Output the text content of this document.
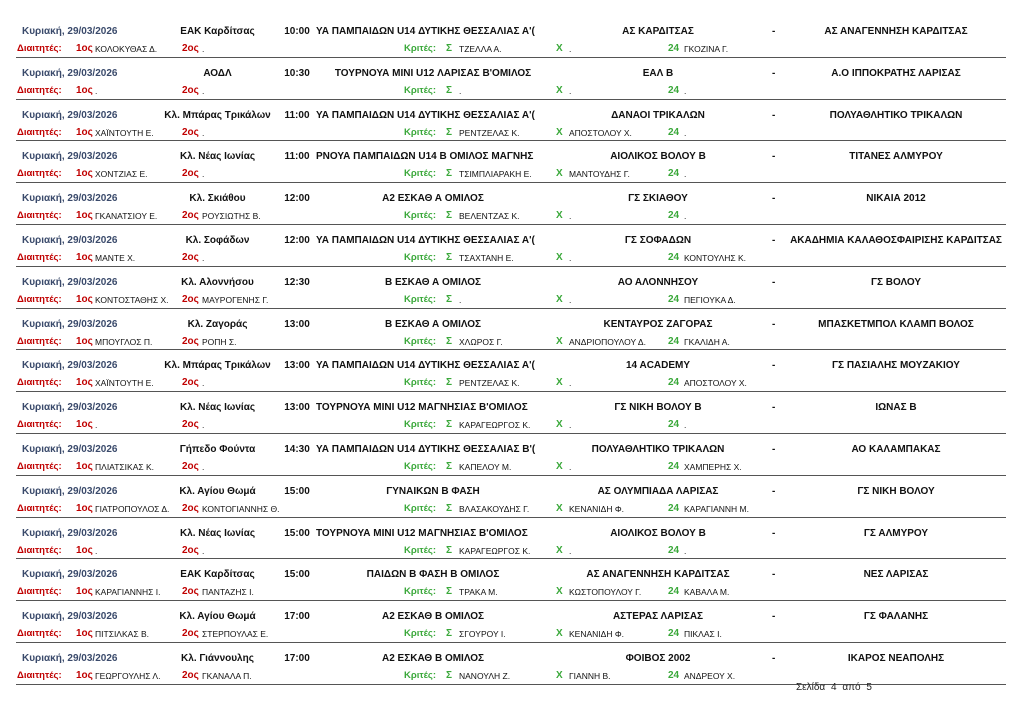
Κυριακή, 29/03/2026	ΕΑΚ Καρδίτσας	10:00 ΥΑ ΠΑΜΠΑΙΔΩΝ U14 ΔΥΤΙΚΗΣ ΘΕΣΣΑΛΙΑΣ Α'(	ΑΣ ΚΑΡΔΙΤΣΑΣ	-	ΑΣ ΑΝΑΓΕΝΝΗΣΗ ΚΑΡΔΙΤΣΑΣ
Διαιτητές:	1ος ΚΟΛΟΚΥΘΑΣ Δ.	2ος .	Κριτές: Σ ΤΖΕΛΛΑ Α.	Χ .	24 ΓΚΟΖΙΝΑ Γ.
Κυριακή, 29/03/2026	ΑΟΔΛ	10:30	ΤΟΥΡΝΟΥΑ MINI U12 ΛΑΡΙΣΑΣ Β'ΟΜΙΛΟΣ	ΕΑΛ Β	-	Α.Ο ΙΠΠΟΚΡΑΤΗΣ ΛΑΡΙΣΑΣ
Διαιτητές:	1ος .	2ος .	Κριτές: Σ .	Χ .	24 .
Κυριακή, 29/03/2026	Κλ. Μπάρας Τρικάλων	11:00 ΥΑ ΠΑΜΠΑΙΔΩΝ U14 ΔΥΤΙΚΗΣ ΘΕΣΣΑΛΙΑΣ Α'(	ΔΑΝΑΟΙ ΤΡΙΚΑΛΩΝ	-	ΠΟΛΥΑΘΛΗΤΙΚΟ ΤΡΙΚΑΛΩΝ
Διαιτητές:	1ος ΧΑΪΝΤΟΥΤΗ Ε.	2ος .	Κριτές: Σ ΡΕΝΤΖΕΛΑΣ Κ.	Χ ΑΠΟΣΤΟΛΟΥ Χ.	24 .
Κυριακή, 29/03/2026	Κλ. Νέας Ιωνίας	11:00 ΡΝΟΥΑ ΠΑΜΠΑΙΔΩΝ U14 Β ΟΜΙΛΟΣ ΜΑΓΝΗΣ	ΑΙΟΛΙΚΟΣ ΒΟΛΟΥ Β	-	ΤΙΤΑΝΕΣ ΑΛΜΥΡΟΥ
Διαιτητές:	1ος ΧΟΝΤΖΙΑΣ Ε.	2ος .	Κριτές: Σ ΤΣΙΜΠΛΙΑΡΑΚΗ Ε.	Χ ΜΑΝΤΟΥΔΗΣ Γ.	24 .
Κυριακή, 29/03/2026	Κλ. Σκιάθου	12:00	Α2 ΕΣΚΑΘ Α ΟΜΙΛΟΣ	ΓΣ ΣΚΙΑΘΟΥ	-	ΝΙΚΑΙΑ 2012
Διαιτητές:	1ος ΓΚΑΝΑΤΣΙΟΥ Ε.	2ος ΡΟΥΣΙΩΤΗΣ Β.	Κριτές: Σ ΒΕΛΕΝΤΖΑΣ Κ.	Χ .	24 .
Κυριακή, 29/03/2026	Κλ. Σοφάδων	12:00 ΥΑ ΠΑΜΠΑΙΔΩΝ U14 ΔΥΤΙΚΗΣ ΘΕΣΣΑΛΙΑΣ Α'(	ΓΣ ΣΟΦΑΔΩΝ	-	ΑΚΑΔΗΜΙΑ ΚΑΛΑΘΟΣΦΑΙΡΙΣΗΣ ΚΑΡΔΙΤΣΑΣ
Διαιτητές:	1ος ΜΑΝΤΕ Χ.	2ος .	Κριτές: Σ ΤΣΑΧΤΑΝΗ Ε.	Χ .	24 ΚΟΝΤΟΥΛΗΣ Κ.
Κυριακή, 29/03/2026	Κλ. Αλοννήσου	12:30	Β ΕΣΚΑΘ Α ΟΜΙΛΟΣ	ΑΟ ΑΛΟΝΝΗΣΟΥ	-	ΓΣ ΒΟΛΟΥ
Διαιτητές:	1ος ΚΟΝΤΟΣΤΑΘΗΣ Χ.	2ος ΜΑΥΡΟΓΕΝΗΣ Γ.	Κριτές: Σ .	Χ .	24 ΠΕΓΙΟΥΚΑ Δ.
Κυριακή, 29/03/2026	Κλ. Ζαγοράς	13:00	Β ΕΣΚΑΘ Α ΟΜΙΛΟΣ	ΚΕΝΤΑΥΡΟΣ ΖΑΓΟΡΑΣ	-	ΜΠΑΣΚΕΤΜΠΟΛ ΚΛΑΜΠ ΒΟΛΟΣ
Διαιτητές:	1ος ΜΠΟΥΓΛΟΣ Π.	2ος ΡΟΠΗ Σ.	Κριτές: Σ ΧΛΩΡΟΣ Γ.	Χ ΑΝΔΡΙΟΠΟΥΛΟΥ Δ.	24 ΓΚΑΛΙΔΗ Α.
Κυριακή, 29/03/2026	Κλ. Μπάρας Τρικάλων	13:00 ΥΑ ΠΑΜΠΑΙΔΩΝ U14 ΔΥΤΙΚΗΣ ΘΕΣΣΑΛΙΑΣ Α'(	14 ACADEMY	-	ΓΣ ΠΑΣΙΑΛΗΣ ΜΟΥΖΑΚΙΟΥ
Διαιτητές:	1ος ΧΑΪΝΤΟΥΤΗ Ε.	2ος .	Κριτές: Σ ΡΕΝΤΖΕΛΑΣ Κ.	Χ .	24 ΑΠΟΣΤΟΛΟΥ Χ.
Κυριακή, 29/03/2026	Κλ. Νέας Ιωνίας	13:00 ΤΟΥΡΝΟΥΑ MINI U12 ΜΑΓΝΗΣΙΑΣ Β'ΟΜΙΛΟΣ	ΓΣ ΝΙΚΗ ΒΟΛΟΥ Β	-	ΙΩΝΑΣ Β
Διαιτητές:	1ος .	2ος .	Κριτές: Σ ΚΑΡΑΓΕΩΡΓΟΣ Κ.	Χ .	24 .
Κυριακή, 29/03/2026	Γήπεδο Φούντα	14:30 ΥΑ ΠΑΜΠΑΙΔΩΝ U14 ΔΥΤΙΚΗΣ ΘΕΣΣΑΛΙΑΣ Β'(	ΠΟΛΥΑΘΛΗΤΙΚΟ ΤΡΙΚΑΛΩΝ	-	ΑΟ ΚΑΛΑΜΠΑΚΑΣ
Διαιτητές:	1ος ΠΛΙΑΤΣΙΚΑΣ Κ.	2ος .	Κριτές: Σ ΚΑΠΕΛΟΥ Μ.	Χ .	24 ΧΑΜΠΕΡΗΣ Χ.
Κυριακή, 29/03/2026	Κλ. Αγίου Θωμά	15:00	ΓΥΝΑΙΚΩΝ Β ΦΑΣΗ	ΑΣ ΟΛΥΜΠΙΑΔΑ ΛΑΡΙΣΑΣ	-	ΓΣ ΝΙΚΗ ΒΟΛΟΥ
Διαιτητές:	1ος ΓΙΑΤΡΟΠΟΥΛΟΣ Δ.	2ος ΚΟΝΤΟΓΙΑΝΝΗΣ Θ.	Κριτές: Σ ΒΛΑΣΑΚΟΥΔΗΣ Γ.	Χ ΚΕΝΑΝΙΔΗ Φ.	24 ΚΑΡΑΓΙΑΝΝΗ Μ.
Κυριακή, 29/03/2026	Κλ. Νέας Ιωνίας	15:00 ΤΟΥΡΝΟΥΑ MINI U12 ΜΑΓΝΗΣΙΑΣ Β'ΟΜΙΛΟΣ	ΑΙΟΛΙΚΟΣ ΒΟΛΟΥ Β	-	ΓΣ ΑΛΜΥΡΟΥ
Διαιτητές:	1ος .	2ος .	Κριτές: Σ ΚΑΡΑΓΕΩΡΓΟΣ Κ.	Χ .	24 .
Κυριακή, 29/03/2026	ΕΑΚ Καρδίτσας	15:00	ΠΑΙΔΩΝ Β ΦΑΣΗ Β ΟΜΙΛΟΣ	ΑΣ ΑΝΑΓΕΝΝΗΣΗ ΚΑΡΔΙΤΣΑΣ	-	ΝΕΣ ΛΑΡΙΣΑΣ
Διαιτητές:	1ος ΚΑΡΑΓΙΑΝΝΗΣ Ι.	2ος ΠΑΝΤΑΖΗΣ Ι.	Κριτές: Σ ΤΡΑΚΑ Μ.	Χ ΚΩΣΤΟΠΟΥΛΟΥ Γ.	24 ΚΑΒΑΛΑ Μ.
Κυριακή, 29/03/2026	Κλ. Αγίου Θωμά	17:00	Α2 ΕΣΚΑΘ Β ΟΜΙΛΟΣ	ΑΣΤΕΡΑΣ ΛΑΡΙΣΑΣ	-	ΓΣ ΦΑΛΑΝΗΣ
Διαιτητές:	1ος ΠΙΤΣΙΛΚΑΣ Β.	2ος ΣΤΕΡΠΟΥΛΑΣ Ε.	Κριτές: Σ ΣΓΟΥΡΟΥ Ι.	Χ ΚΕΝΑΝΙΔΗ Φ.	24 ΠΙΚΛΑΣ Ι.
Κυριακή, 29/03/2026	Κλ. Γιάννουλης	17:00	Α2 ΕΣΚΑΘ Β ΟΜΙΛΟΣ	ΦΟΙΒΟΣ 2002	-	ΙΚΑΡΟΣ ΝΕΑΠΟΛΗΣ
Διαιτητές:	1ος ΓΕΩΡΓΟΥΛΗΣ Λ.	2ος ΓΚΑΝΑΛΑ Π.	Κριτές: Σ ΝΑΝΟΥΛΗ Ζ.	Χ ΓΙΑΝΝΗ Β.	24 ΑΝΔΡΕΟΥ Χ.
Σελίδα 4 από 5
